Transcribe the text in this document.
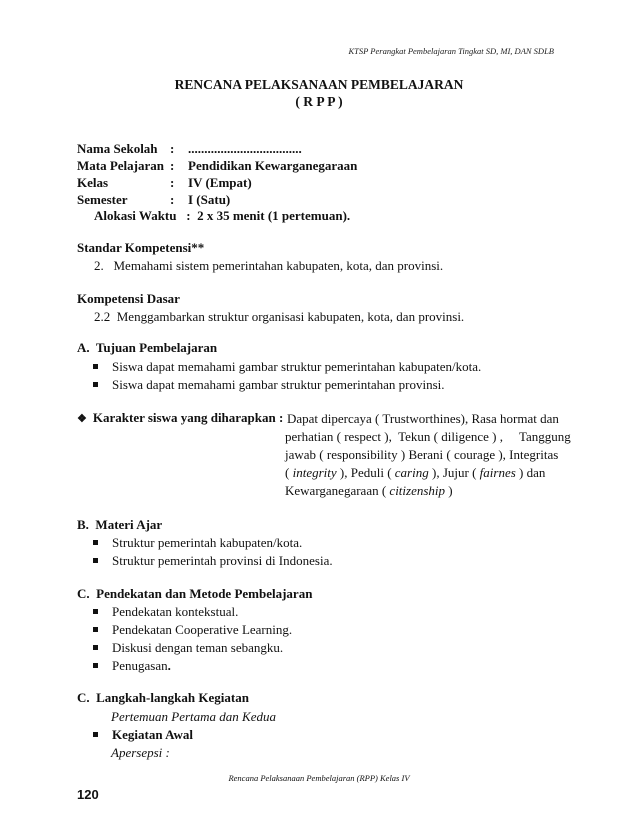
KTSP Perangkat Pembelajaran Tingkat SD, MI, DAN SDLB
RENCANA PELAKSANAAN PEMBELAJARAN
( R P P )
Nama Sekolah : ...................................
Mata Pelajaran : Pendidikan Kewarganegaraan
Kelas	: IV (Empat)
Semester	: I (Satu)
Alokasi Waktu   :  2 x 35 menit (1 pertemuan).
Standar Kompetensi**
2.   Memahami sistem pemerintahan kabupaten, kota, dan provinsi.
Kompetensi Dasar
2.2  Menggambarkan struktur organisasi kabupaten, kota, dan provinsi.
A.  Tujuan Pembelajaran
Siswa dapat memahami gambar struktur pemerintahan kabupaten/kota.
Siswa dapat memahami gambar struktur pemerintahan provinsi.
❖ Karakter siswa yang diharapkan : Dapat dipercaya ( Trustworthines), Rasa hormat dan
perhatian ( respect ),  Tekun ( diligence ) ,     Tanggung
jawab ( responsibility ) Berani ( courage ), Integritas
( integrity ), Peduli ( caring ), Jujur ( fairnes ) dan
Kewarganegaraan ( citizenship )
B.  Materi Ajar
Struktur pemerintah kabupaten/kota.
Struktur pemerintah provinsi di Indonesia.
C.  Pendekatan dan Metode Pembelajaran
Pendekatan kontekstual.
Pendekatan Cooperative Learning.
Diskusi dengan teman sebangku.
Penugasan.
C.  Langkah-langkah Kegiatan
Pertemuan Pertama dan Kedua
Kegiatan Awal
Apersepsi :
120
Rencana Pelaksanaan Pembelajaran (RPP) Kelas IV
